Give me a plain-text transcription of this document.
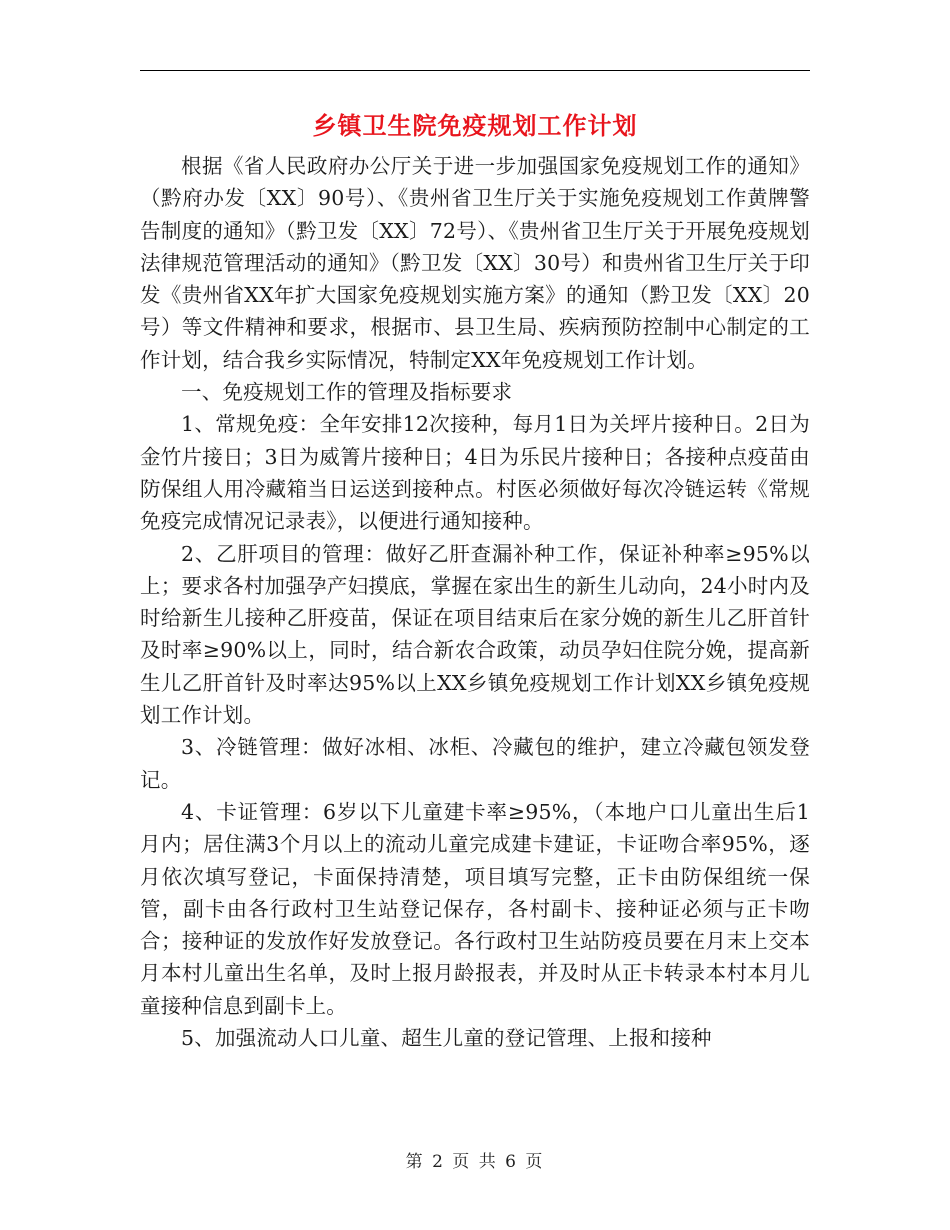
乡镇卫生院免疫规划工作计划

根据《省人民政府办公厅关于进一步加强国家免疫规划工作的通知》（黔府办发〔XX〕90号）、《贵州省卫生厅关于实施免疫规划工作黄牌警告制度的通知》（黔卫发〔XX〕72号）、《贵州省卫生厅关于开展免疫规划法律规范管理活动的通知》（黔卫发〔XX〕30号）和贵州省卫生厅关于印发《贵州省XX年扩大国家免疫规划实施方案》的通知（黔卫发〔XX〕20号）等文件精神和要求，根据市、县卫生局、疾病预防控制中心制定的工作计划，结合我乡实际情况，特制定XX年免疫规划工作计划。

一、免疫规划工作的管理及指标要求

1、常规免疫：全年安排12次接种，每月1日为关坪片接种日。2日为金竹片接日；3日为威箐片接种日；4日为乐民片接种日；各接种点疫苗由防保组人用冷藏箱当日运送到接种点。村医必须做好每次冷链运转《常规免疫完成情况记录表》，以便进行通知接种。

2、乙肝项目的管理：做好乙肝查漏补种工作，保证补种率≥95%以上；要求各村加强孕产妇摸底，掌握在家出生的新生儿动向，24小时内及时给新生儿接种乙肝疫苗，保证在项目结束后在家分娩的新生儿乙肝首针及时率≥90%以上，同时，结合新农合政策，动员孕妇住院分娩，提高新生儿乙肝首针及时率达95%以上XX乡镇免疫规划工作计划XX乡镇免疫规划工作计划。

3、冷链管理：做好冰相、冰柜、冷藏包的维护，建立冷藏包领发登记。

4、卡证管理：6岁以下儿童建卡率≥95%，（本地户口儿童出生后1月内；居住满3个月以上的流动儿童完成建卡建证，卡证吻合率95%，逐月依次填写登记，卡面保持清楚，项目填写完整，正卡由防保组统一保管，副卡由各行政村卫生站登记保存，各村副卡、接种证必须与正卡吻合；接种证的发放作好发放登记。各行政村卫生站防疫员要在月末上交本月本村儿童出生名单，及时上报月龄报表，并及时从正卡转录本村本月儿童接种信息到副卡上。

5、加强流动人口儿童、超生儿童的登记管理、上报和接种

第 2 页 共 6 页
